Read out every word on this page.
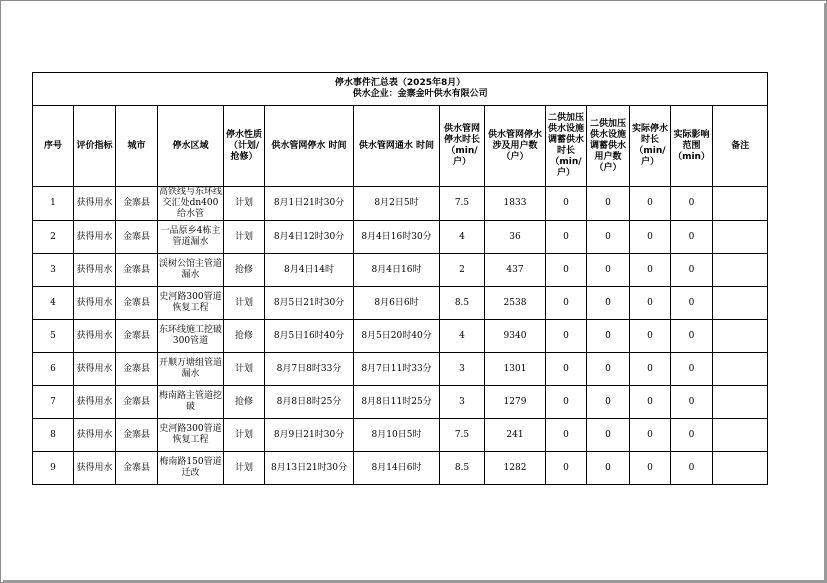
停水事件汇总表（2025年8月）
供水企业：金寨金叶供水有限公司													

序号	评价指标	城市	停水区域	停水性质（计划/抢修）	供水管网停水 时间	供水管网通水 时间	供水管网停水时长（min/户）	供水管网停水涉及用户数（户）	二供加压供水设施调蓄供水时长（min/户）	二供加压供水设施调蓄供水用户数（户）	实际停水时长（min/户）	实际影响范围（min）	备注
1	获得用水	金寨县	高铁线与东环线交汇处dn400给水管	计划	8月1日21时30分	8月2日5时	7.5	1833	0	0	0	0	
2	获得用水	金寨县	一品原乡4栋主管道漏水	计划	8月4日12时30分	8月4日16时30分	4	36	0	0	0	0	
3	获得用水	金寨县	渓树公馆主管道漏水	抢修	8月4日14时	8月4日16时	2	437	0	0	0	0	
4	获得用水	金寨县	史河路300管道恢复工程	计划	8月5日21时30分	8月6日6时	8.5	2538	0	0	0	0	
5	获得用水	金寨县	东环线施工挖破300管道	抢修	8月5日16时40分	8月5日20时40分	4	9340	0	0	0	0	
6	获得用水	金寨县	开顺万塘组管道漏水	计划	8月7日8时33分	8月7日11时33分	3	1301	0	0	0	0	
7	获得用水	金寨县	梅南路主管道挖破	抢修	8月8日8时25分	8月8日11时25分	3	1279	0	0	0	0	
8	获得用水	金寨县	史河路300管道恢复工程	计划	8月9日21时30分	8月10日5时	7.5	241	0	0	0	0	
9	获得用水	金寨县	梅南路150管道迁改	计划	8月13日21时30分	8月14日6时	8.5	1282	0	0	0	0	
